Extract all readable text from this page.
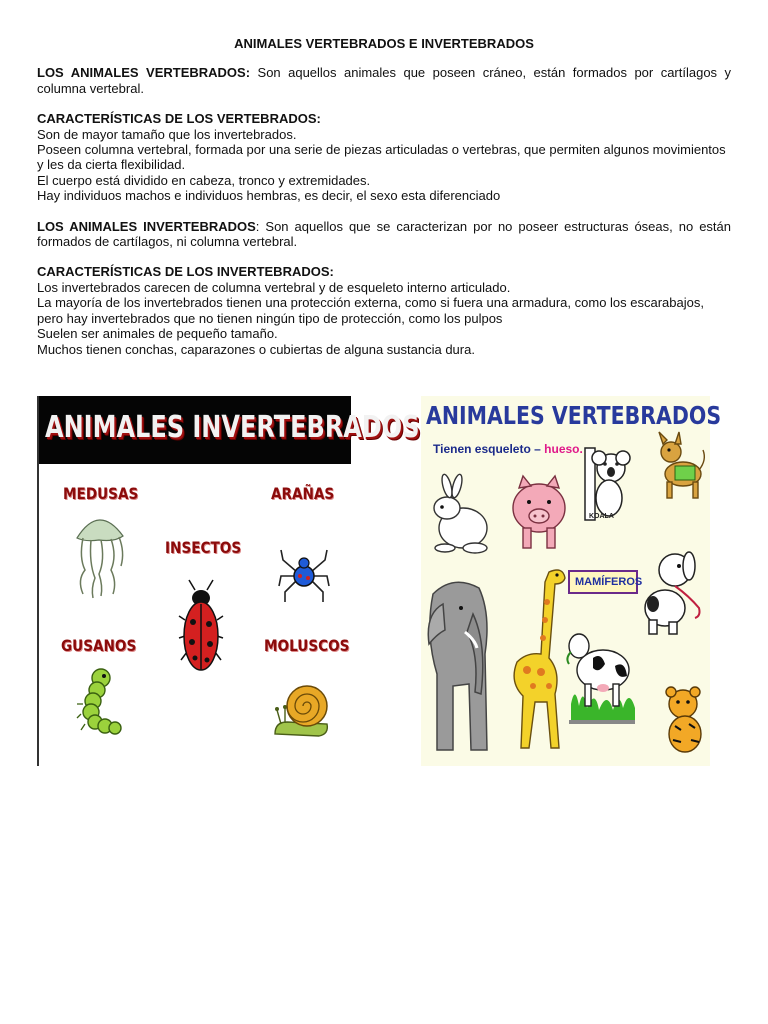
ANIMALES VERTEBRADOS E INVERTEBRADOS
LOS ANIMALES VERTEBRADOS: Son aquellos animales que poseen cráneo, están formados por cartílagos y columna vertebral.
CARACTERÍSTICAS DE LOS VERTEBRADOS:
Son de mayor tamaño que los invertebrados.
Poseen columna vertebral, formada por una serie de piezas articuladas o vertebras, que permiten algunos movimientos y les da cierta flexibilidad.
El cuerpo está dividido en cabeza, tronco y extremidades.
Hay individuos machos e individuos hembras, es decir, el sexo esta diferenciado
LOS ANIMALES INVERTEBRADOS: Son aquellos que se caracterizan por no poseer estructuras óseas, no están formados de cartílagos, ni columna vertebral.
CARACTERÍSTICAS DE LOS INVERTEBRADOS:
Los invertebrados carecen de columna vertebral y de esqueleto interno articulado.
La mayoría de los invertebrados tienen una protección externa, como si fuera una armadura, como los escarabajos, pero hay invertebrados que no tienen ningún tipo de protección, como los pulpos
Suelen ser animales de pequeño tamaño.
Muchos tienen conchas, caparazones o cubiertas de alguna sustancia dura.
ANIMALES INVERTEBRADOS
MEDUSAS	ARAÑAS
INSECTOS
GUSANOS	MOLUSCOS
ANIMALES VERTEBRADOS
Tienen esqueleto – hueso.
KOALA
MAMÍFEROS
